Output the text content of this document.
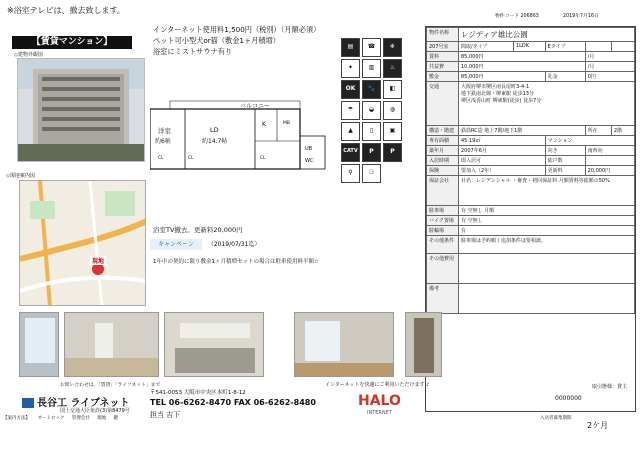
※浴室テレビは、撤去致します。
【賃貸マンション】
◇建物外観図
◇現地案内図
現地
インターネット使用料1,500円（税別）（月額必須）
ペット可小型犬or猫（敷金1ヶ月積増）
浴室にミストサウナ有り
バルコニー
洋室
約6帖
LD
約14.7帖
K	MB
CL	CL	CL
UB
WC
浴室TV撤去。更新料20,000円
キャンペーン （2019/07/31迄）
1年中の契約に限り敷金1ヶ月積増セットの場合は駐車使用料半額☆
▤	☎	❄

✦	▥	♨

OK	🐾	◧

☂	◒	◍

▲	▯	▣

CATV	P	P

⚲	⚆
物件コード 206863	2019年7月16日
物件名称	レジディア雄比公園				
207号室	間取/タイプ	1LDK	Eタイプ		
賃料	85,000円			/月	
共益費	10,000円			/月	
敷金	85,000円		礼金	0円	
交通	大阪府堺市堺区南長尾町3-4-1
地下鉄南北線・堺東駅 徒歩13分
堺区浅香山町 堺東駅(徒歩) 徒歩7分				

構造・階建	鉄筋RC造 地上7階/地下1階			所在	2階
専有面積	45.19㎡		マンション		
築年月	2007年6月		向き	南西向	
入居時期	即入居可		総戸数		
保険	要加入（2年）		更新料	20,000円	
保証会社	社名：レジデンシャル ・審査・初回保証料 月額賃料等総額の50%				
駐車場	有 空無し 月額				
バイク置場	有 空無し				
駐輪場	有				
その他条件	駐車場は予約順 / 追加条件は要相談。				
その他費用					
備考					
お問い合わせは、「賃貸」「ライフネット」まで
長谷工 ライブネット
国土交通大臣免許(3)第8479号
〒541-0053 大阪市中央区本町1-8-12
TEL 06-6262-8470 FAX 06-6262-8480
担当 吉下
インターネットを快適にご利用いただけます ♪
HALO
INTERNET
【案内方法】 オートロック 管理会社 現地 鍵
取引態様：貸主
0000000
入居者募集期間
2ケ月
